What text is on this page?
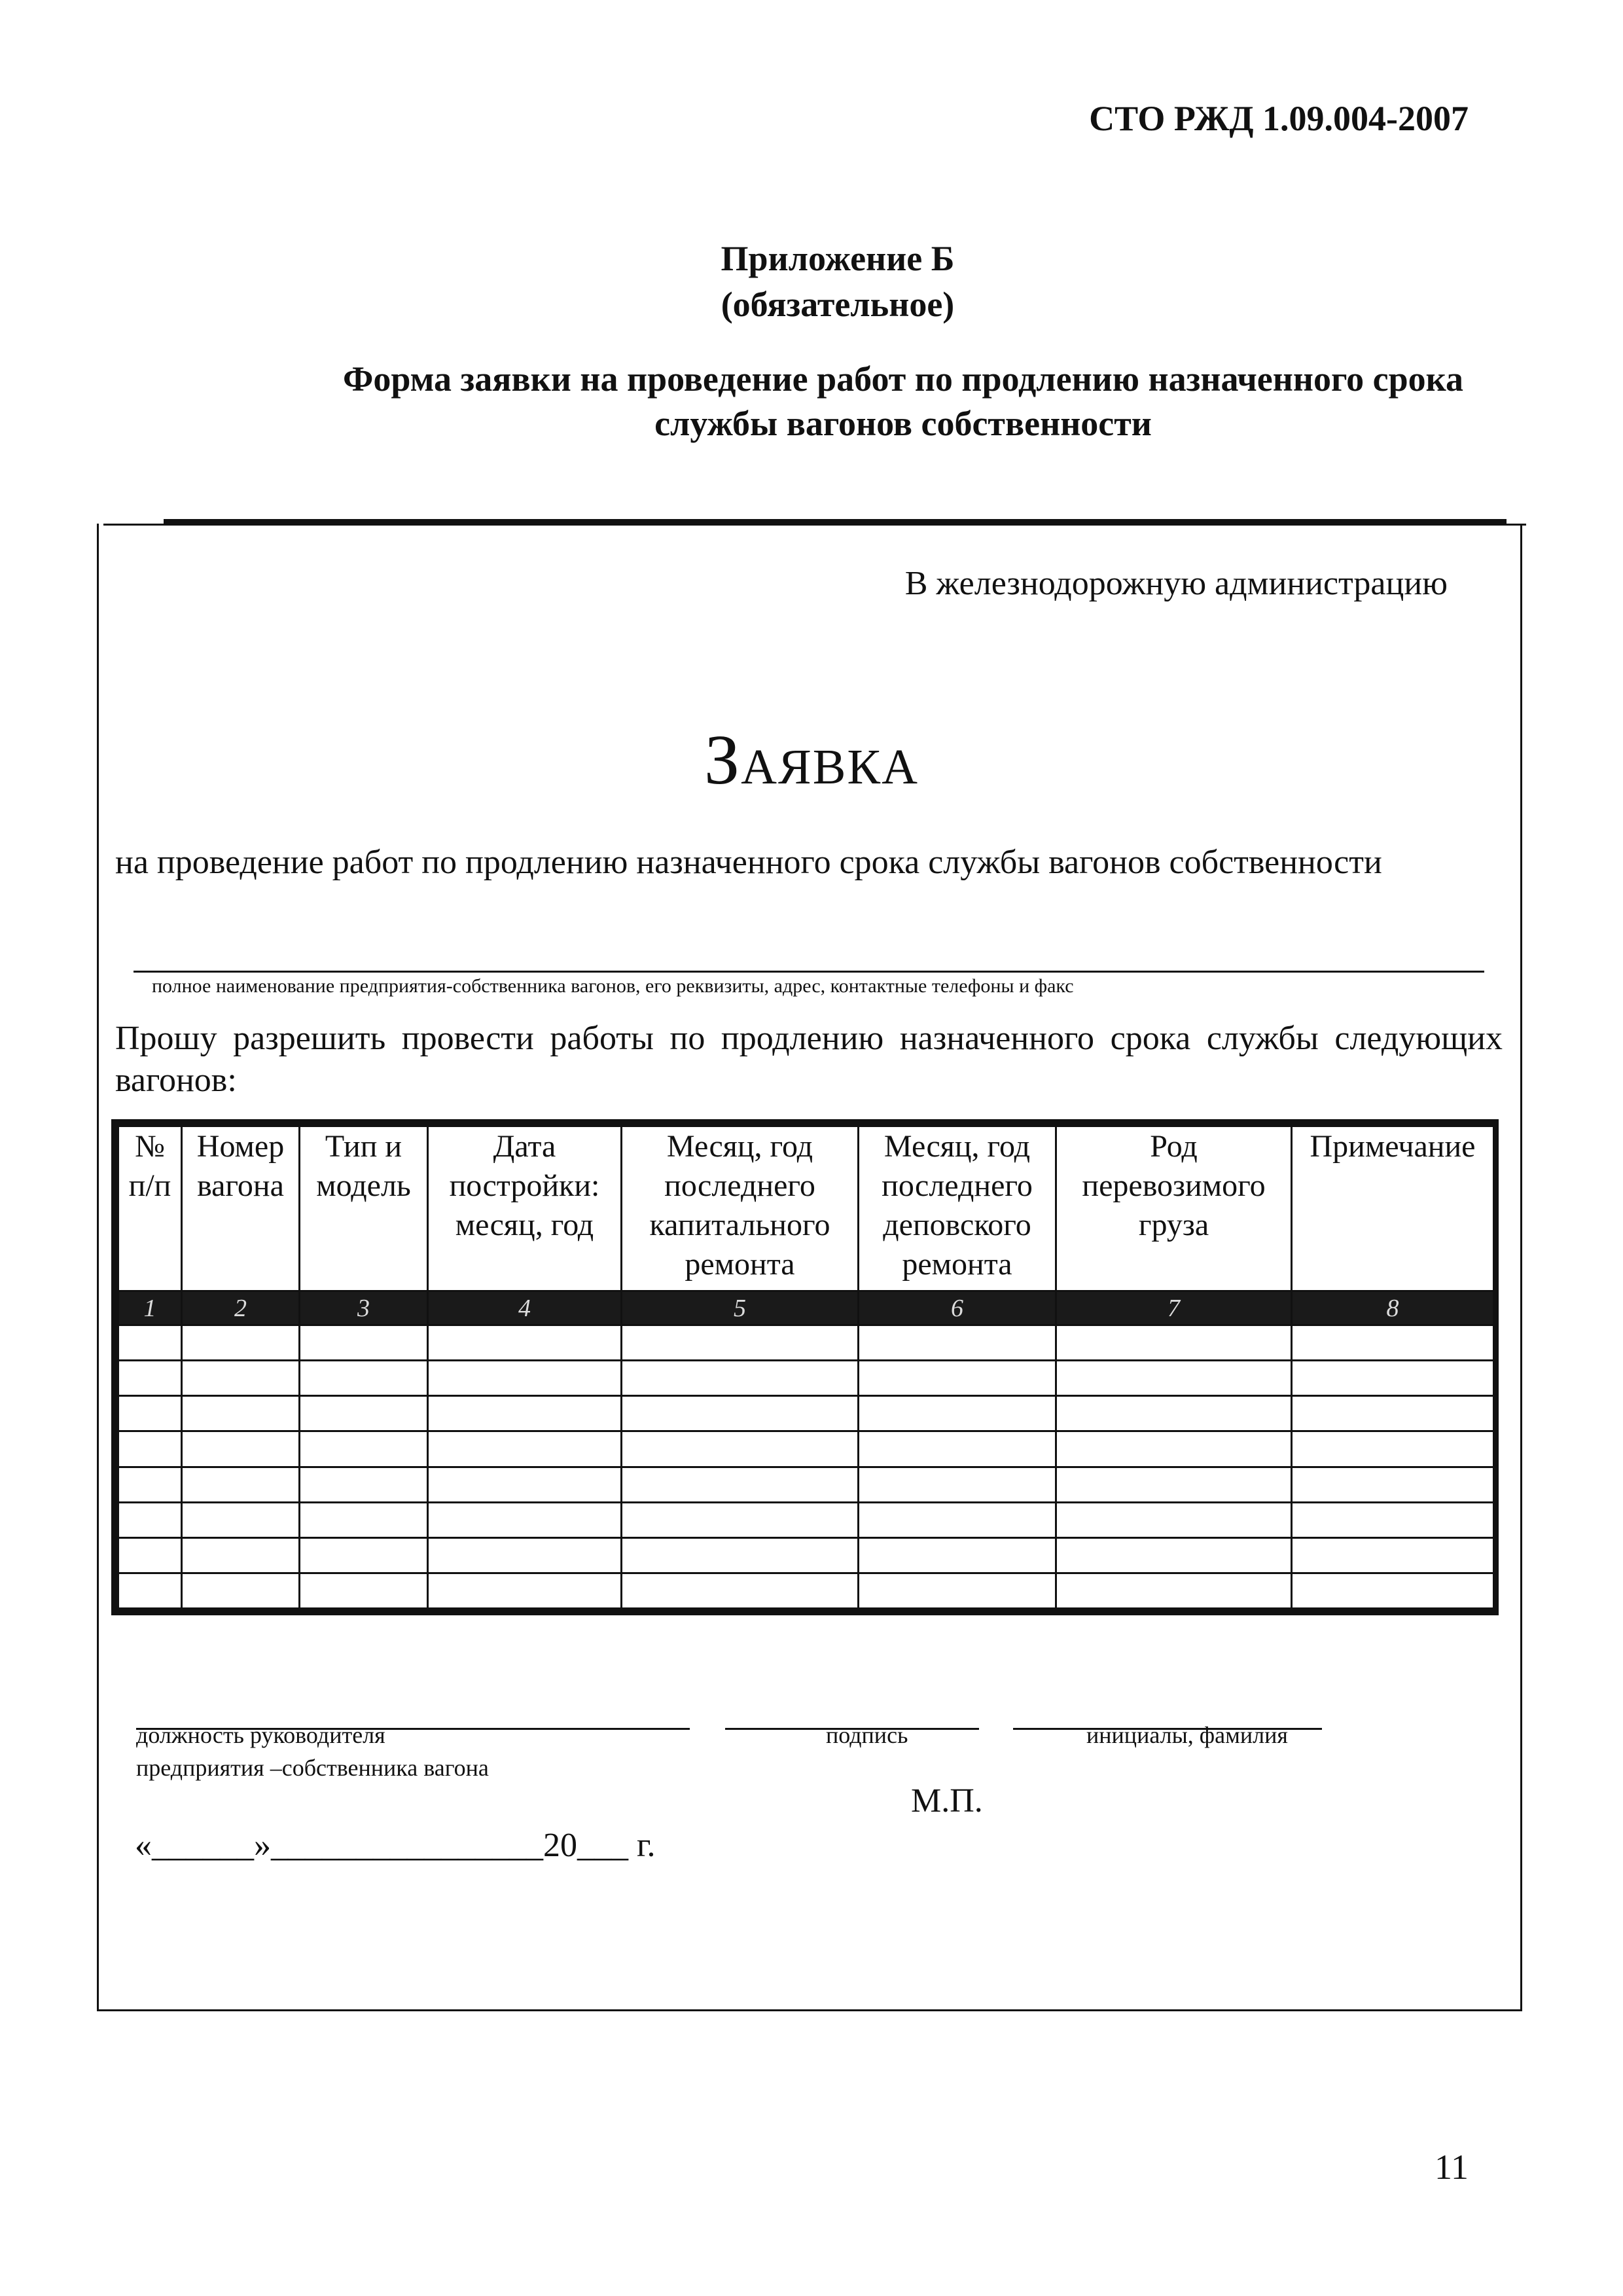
СТО РЖД 1.09.004-2007
Приложение Б
(обязательное)
Форма заявки на проведение работ по продлению назначенного срока службы вагонов собственности
В железнодорожную администрацию
Заявка
на проведение работ по продлению назначенного срока службы вагонов собственности
полное наименование предприятия-собственника вагонов, его реквизиты, адрес, контактные телефоны и факс
Прошу разрешить провести работы по продлению назначенного срока службы следующих вагонов:
№ п/п	Номер вагона	Тип и модель	Дата постройки: месяц, год	Месяц, год последнего капитального ремонта	Месяц, год последнего деповского ремонта	Род перевозимого груза	Примечание
1	2	3	4	5	6	7	8

должность руководителя
предприятия –собственника вагона
подпись	инициалы, фамилия
М.П.
«______»________________20___ г.
11
